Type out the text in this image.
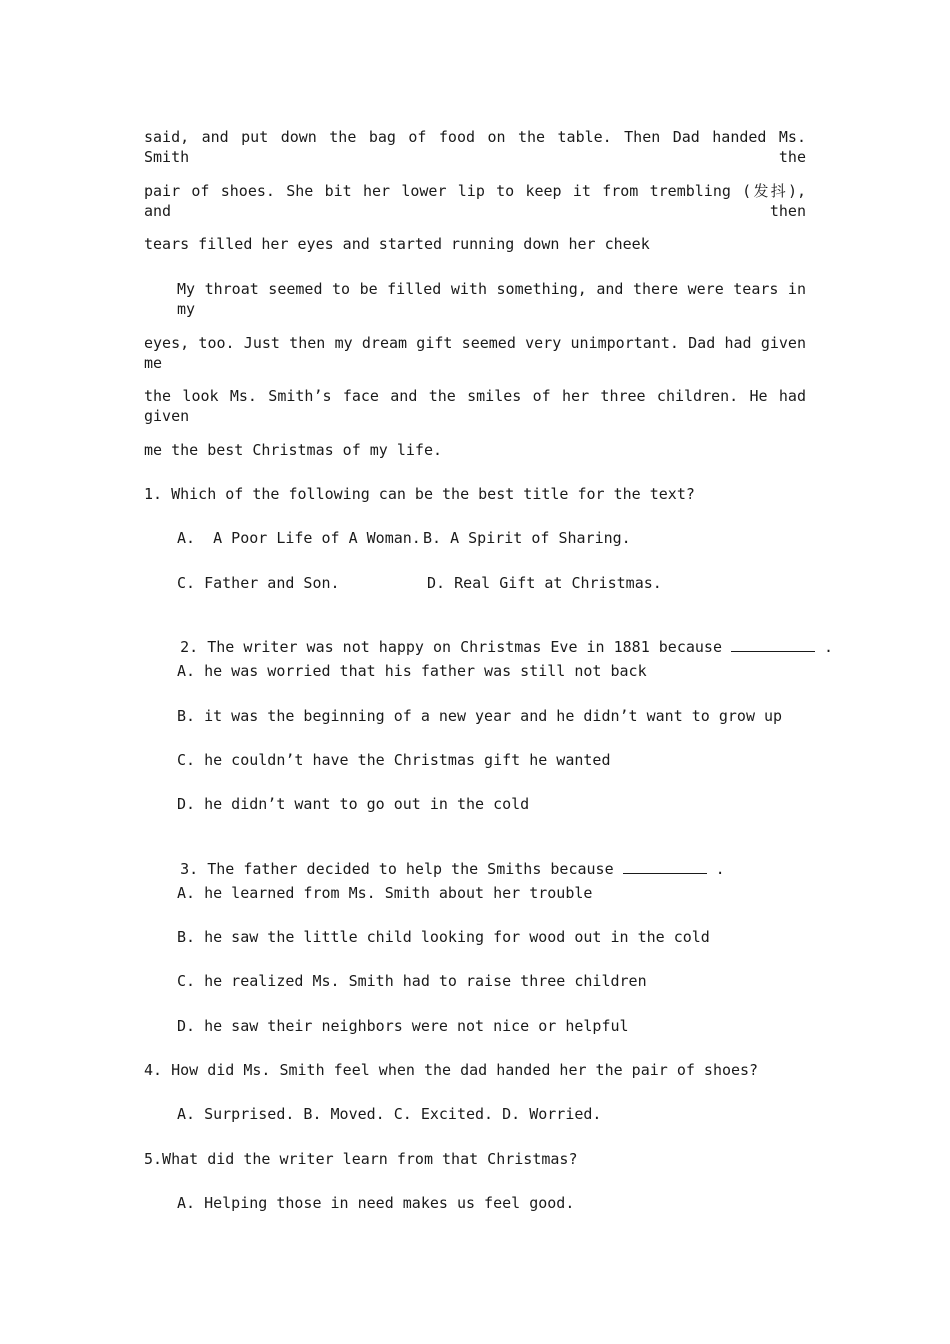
said, and put down the bag of food on the table. Then Dad handed Ms. Smith the
pair of shoes. She bit her lower lip to keep it from trembling (发抖), and then
tears filled her eyes and started running down her cheek
My throat seemed to be filled with something, and there were tears in my
eyes, too. Just then my dream gift seemed very unimportant. Dad had given me
the look Ms. Smith’s face and the smiles of her three children. He had given
me the best Christmas of my life.
1. Which of the following can be the best title for the text?
A.  A Poor Life of A Woman. B. A Spirit of Sharing.
C. Father and Son.	D. Real Gift at Christmas.

2. The writer was not happy on Christmas Eve in 1881 because	.

A. he was worried that his father was still not back
B. it was the beginning of a new year and he didn’t want to grow up
C. he couldn’t have the Christmas gift he wanted
D. he didn’t want to go out in the cold

3. The father decided to help the Smiths because	.

A. he learned from Ms. Smith about her trouble
B. he saw the little child looking for wood out in the cold
C. he realized Ms. Smith had to raise three children
D. he saw their neighbors were not nice or helpful
4. How did Ms. Smith feel when the dad handed her the pair of shoes?
A. Surprised. B. Moved. C. Excited. D. Worried.
5.What did the writer learn from that Christmas?
A. Helping those in need makes us feel good.
